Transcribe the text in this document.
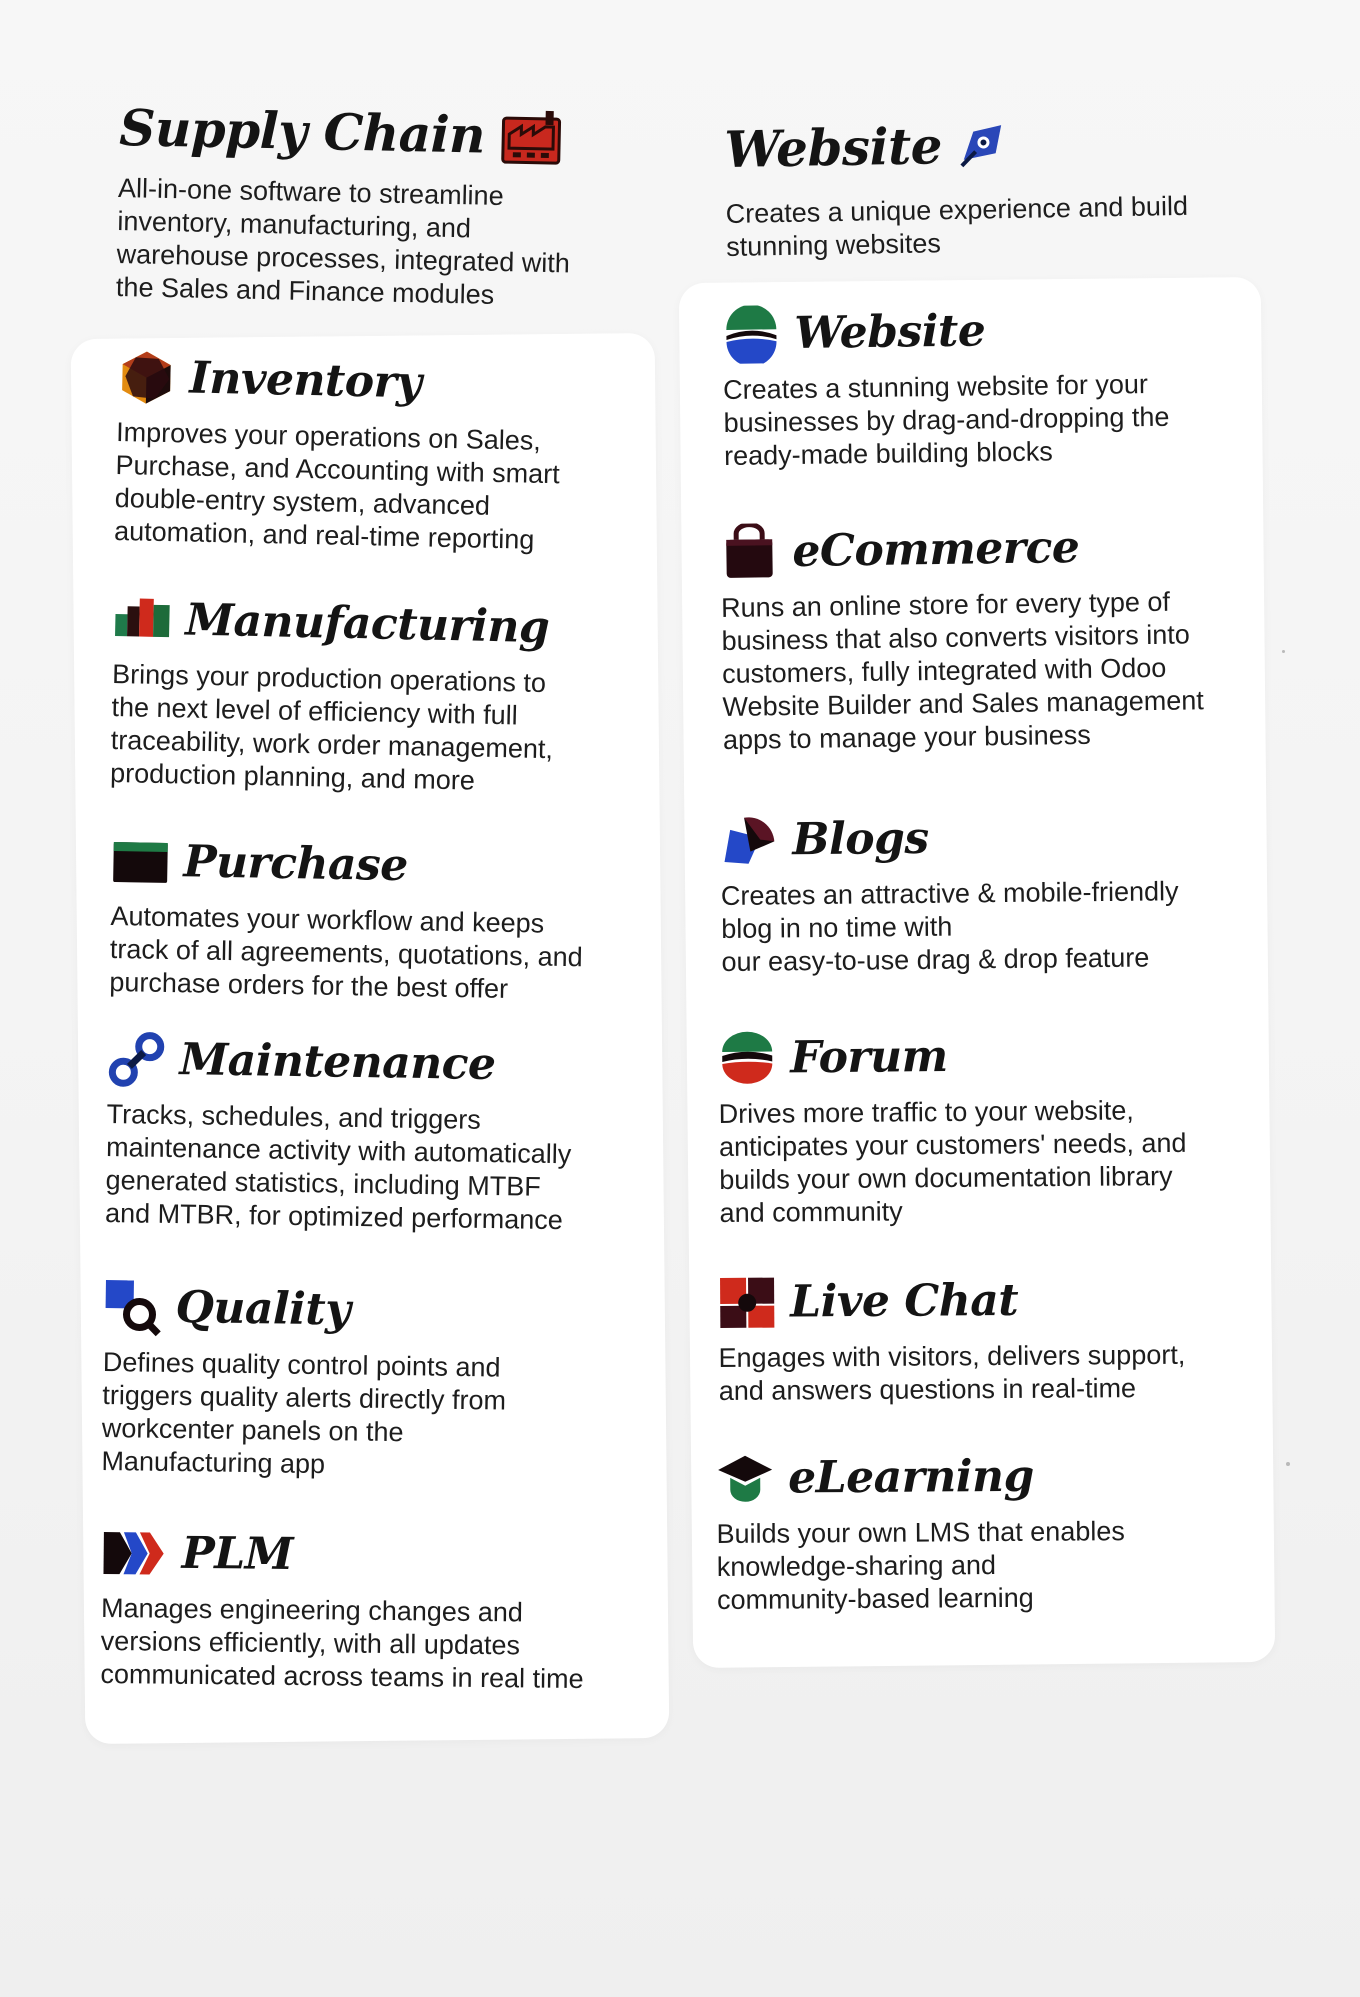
Supply Chain

All-in-one software to streamline
inventory, manufacturing, and
warehouse processes, integrated with
the Sales and Finance modules

Website

Creates a unique experience and build
stunning websites

Inventory

Improves your operations on Sales,
Purchase, and Accounting with smart
double-entry system, advanced
automation, and real-time reporting

Manufacturing

Brings your production operations to
the next level of efficiency with full
traceability, work order management,
production planning, and more

Purchase

Automates your workflow and keeps
track of all agreements, quotations, and
purchase orders for the best offer

Maintenance

Tracks, schedules, and triggers
maintenance activity with automatically
generated statistics, including MTBF
and MTBR, for optimized performance

Quality

Defines quality control points and
triggers quality alerts directly from
workcenter panels on the
Manufacturing app

PLM

Manages engineering changes and
versions efficiently, with all updates
communicated across teams in real time

Website

Creates a stunning website for your
businesses by drag-and-dropping the
ready-made building blocks

eCommerce

Runs an online store for every type of
business that also converts visitors into
customers, fully integrated with Odoo
Website Builder and Sales management
apps to manage your business

Blogs

Creates an attractive & mobile-friendly
blog in no time with
our easy-to-use drag & drop feature

Forum

Drives more traffic to your website,
anticipates your customers' needs, and
builds your own documentation library
and community

Live Chat

Engages with visitors, delivers support,
and answers questions in real-time

eLearning

Builds your own LMS that enables
knowledge-sharing and
community-based learning
